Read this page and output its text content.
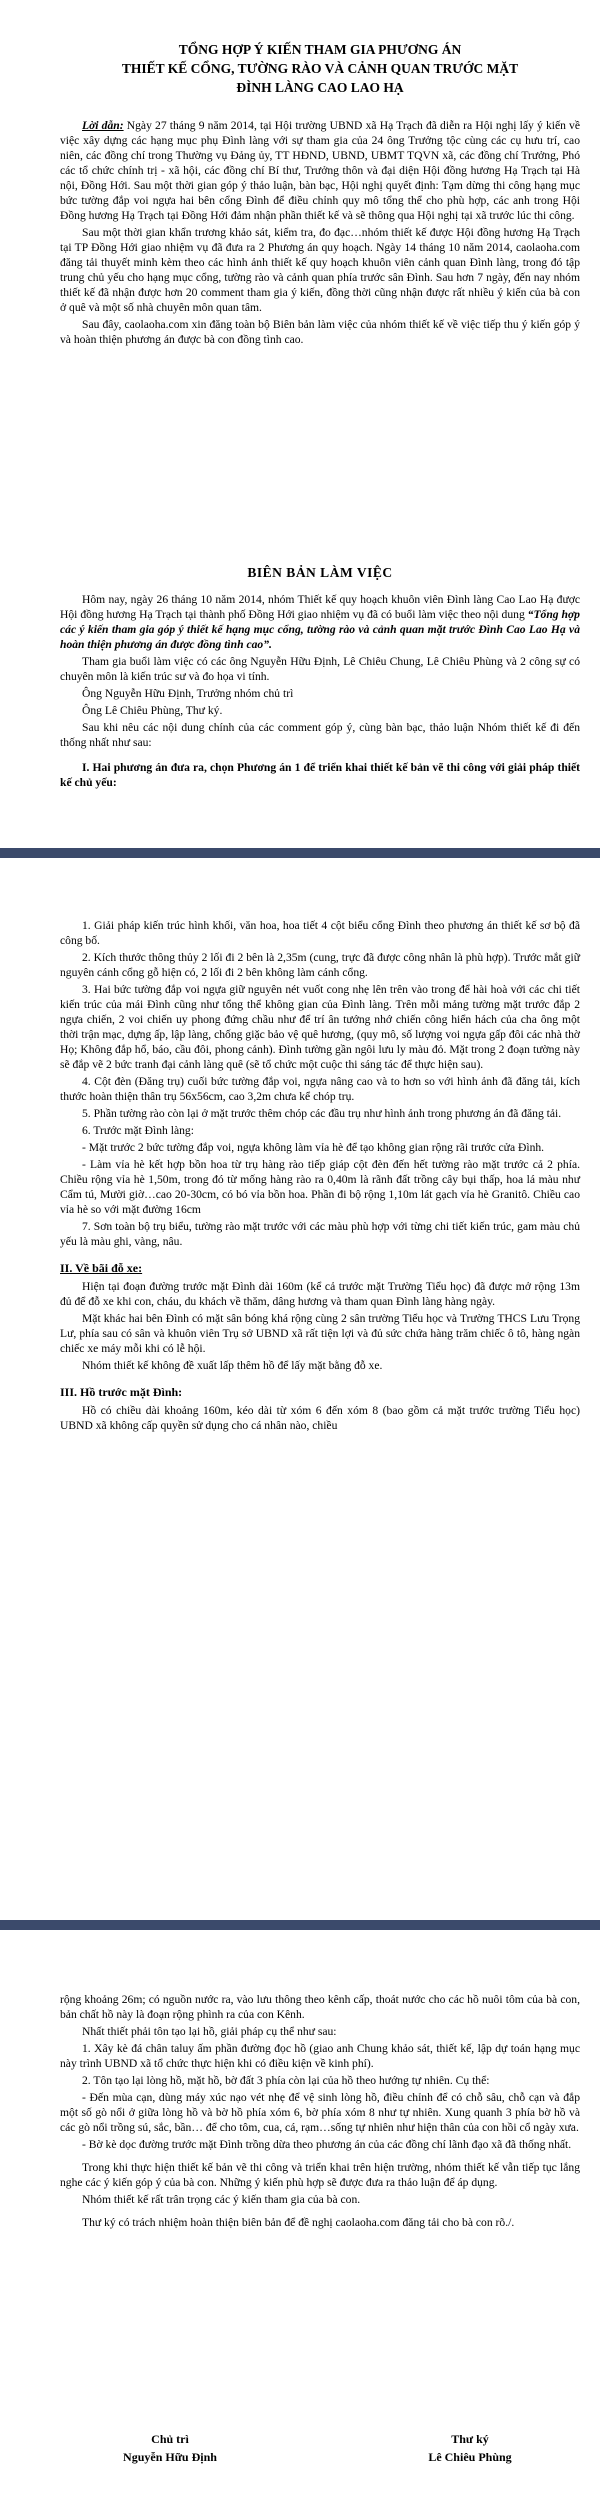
TỔNG HỢP Ý KIẾN THAM GIA PHƯƠNG ÁN
THIẾT KẾ CỔNG, TƯỜNG RÀO VÀ CẢNH QUAN TRƯỚC MẶT
ĐÌNH LÀNG CAO LAO HẠ

Lời dẫn: Ngày 27 tháng 9 năm 2014, tại Hội trường UBND xã Hạ Trạch đã diễn ra Hội nghị lấy ý kiến về việc xây dựng các hạng mục phụ Đình làng với sự tham gia của 24 ông Trưởng tộc cùng các cụ hưu trí, cao niên, các đồng chí trong Thường vụ Đảng ủy, TT HĐND, UBND, UBMT TQVN xã, các đồng chí Trưởng, Phó các tổ chức chính trị - xã hội, các đồng chí Bí thư, Trưởng thôn và đại diện Hội đồng hương Hạ Trạch tại Hà nội, Đồng Hới. Sau một thời gian góp ý thảo luận, bàn bạc, Hội nghị quyết định: Tạm dừng thi công hạng mục bức tường đắp voi ngựa hai bên cổng Đình để điều chỉnh quy mô tổng thể cho phù hợp, các anh trong Hội Đồng hương Hạ Trạch tại Đồng Hới đảm nhận phần thiết kế và sẽ thông qua Hội nghị tại xã trước lúc thi công.

Sau một thời gian khẩn trương khảo sát, kiểm tra, đo đạc…nhóm thiết kế được Hội đồng hương Hạ Trạch tại TP Đồng Hới giao nhiệm vụ đã đưa ra 2 Phương án quy hoạch. Ngày 14 tháng 10 năm 2014, caolaoha.com đăng tải thuyết minh kèm theo các hình ảnh thiết kế quy hoạch khuôn viên cảnh quan Đình làng, trong đó tập trung chủ yếu cho hạng mục cổng, tường rào và cảnh quan phía trước sân Đình. Sau hơn 7 ngày, đến nay nhóm thiết kế đã nhận được hơn 20 comment tham gia ý kiến, đồng thời cũng nhận được rất nhiều ý kiến của bà con ở quê và một số nhà chuyên môn quan tâm.

Sau đây, caolaoha.com xin đăng toàn bộ Biên bản làm việc của nhóm thiết kế về việc tiếp thu ý kiến góp ý và hoàn thiện phương án được bà con đồng tình cao.

BIÊN BẢN LÀM VIỆC

Hôm nay, ngày 26 tháng 10 năm 2014, nhóm Thiết kế quy hoạch khuôn viên Đình làng Cao Lao Hạ được Hội đồng hương Hạ Trạch tại thành phố Đồng Hới giao nhiệm vụ đã có buổi làm việc theo nội dung “Tổng hợp các ý kiến tham gia góp ý thiết kế hạng mục cổng, tường rào và cảnh quan mặt trước Đình Cao Lao Hạ và hoàn thiện phương án được đồng tình cao”.

Tham gia buổi làm việc có các ông Nguyễn Hữu Định, Lê Chiêu Chung, Lê Chiêu Phùng và 2 công sự có chuyên môn là kiến trúc sư và đo họa vi tính.

Ông Nguyễn Hữu Định, Trưởng nhóm chủ trì

Ông Lê Chiêu Phùng, Thư ký.

Sau khi nêu các nội dung chính của các comment góp ý, cùng bàn bạc, thảo luận Nhóm thiết kế đi đến thống nhất như sau:

I. Hai phương án đưa ra, chọn Phương án 1 để triển khai thiết kế bản vẽ thi công với giải pháp thiết kế chủ yếu:

1. Giải pháp kiến trúc hình khối, văn hoa, hoa tiết 4 cột biểu cổng Đình theo phương án thiết kế sơ bộ đã công bố.

2. Kích thước thông thủy 2 lối đi 2 bên là 2,35m (cung, trực đã được công nhân là phù hợp). Trước mắt giữ nguyên cánh cổng gỗ hiện có, 2 lối đi 2 bên không làm cánh cổng.

3. Hai bức tường đắp voi ngựa giữ nguyên nét vuốt cong nhẹ lên trên vào trong để hài hoà với các chi tiết kiến trúc của mái Đình cũng như tổng thể không gian của Đình làng. Trên mỗi mảng tường mặt trước đắp 2 ngựa chiến, 2 voi chiến uy phong đứng chầu như để trí ân tướng nhớ chiến công hiển hách của cha ông một thời trận mạc, dựng ấp, lập làng, chống giặc bảo vệ quê hương, (quy mô, số lượng voi ngựa gấp đôi các nhà thờ Họ; Không đắp hổ, báo, cầu đôi, phong cảnh). Đình tường gần ngôi lưu ly màu đỏ. Mặt trong 2 đoạn tường này sẽ đắp vẽ 2 bức tranh đại cảnh làng quê (sẽ tổ chức một cuộc thi sáng tác để thực hiện sau).

4. Cột đèn (Đăng trụ) cuối bức tường đắp voi, ngựa nâng cao và to hơn so với hình ảnh đã đăng tải, kích thước hoàn thiện thân trụ 56x56cm, cao 3,2m chưa kể chóp trụ.

5. Phần tường rào còn lại ở mặt trước thêm chóp các đầu trụ như hình ảnh trong phương án đã đăng tải.

6. Trước mặt Đình làng:

- Mặt trước 2 bức tường đắp voi, ngựa không làm vỉa hè để tạo không gian rộng rãi trước cửa Đình.

- Làm vỉa hè kết hợp bồn hoa từ trụ hàng rào tiếp giáp cột đèn đến hết tường rào mặt trước cả 2 phía. Chiều rộng vỉa hè 1,50m, trong đó từ mống hàng rào ra 0,40m là rãnh đất trồng cây bụi thấp, hoa lá màu như Cẩm tú, Mười giờ…cao 20-30cm, có bó vỉa bồn hoa. Phần đi bộ rộng 1,10m lát gạch vỉa hè Granitô. Chiều cao vỉa hè so với mặt đường 16cm

7. Sơn toàn bộ trụ biểu, tường rào mặt trước với các màu phù hợp với từng chi tiết kiến trúc, gam màu chủ yếu là màu ghi, vàng, nâu.

II. Về bãi đỗ xe:

Hiện tại đoạn đường trước mặt Đình dài 160m (kể cả trước mặt Trường Tiểu học) đã được mở rộng 13m đủ để đỗ xe khi con, cháu, du khách về thăm, dâng hương và tham quan Đình làng hàng ngày.

Mặt khác hai bên Đình có mặt sân bóng khá rộng cùng 2 sân trường Tiểu học và Trường THCS Lưu Trọng Lư, phía sau có sân và khuôn viên Trụ sở UBND xã rất tiện lợi và đủ sức chứa hàng trăm chiếc ô tô, hàng ngàn chiếc xe máy mỗi khi có lễ hội.

Nhóm thiết kế không đề xuất lấp thêm hồ để lấy mặt bằng đỗ xe.

III. Hồ trước mặt Đình:

Hồ có chiều dài khoảng 160m, kéo dài từ xóm 6 đến xóm 8 (bao gồm cả mặt trước trường Tiểu học) UBND xã không cấp quyền sử dụng cho cá nhân nào, chiều

rộng khoảng 26m; có nguồn nước ra, vào lưu thông theo kênh cấp, thoát nước cho các hồ nuôi tôm của bà con, bản chất hồ này là đoạn rộng phình ra của con Kênh.

Nhất thiết phải tôn tạo lại hồ, giải pháp cụ thể như sau:

1. Xây kè đá chân taluy ấm phần đường đọc hồ (giao anh Chung khảo sát, thiết kế, lập dự toán hạng mục này trình UBND xã tổ chức thực hiện khi có điều kiện về kinh phí).

2. Tôn tạo lại lòng hồ, mặt hồ, bờ đất 3 phía còn lại của hồ theo hướng tự nhiên. Cụ thể:

- Đến mùa cạn, dùng máy xúc nạo vét nhẹ để vệ sinh lòng hồ, điều chỉnh để có chỗ sâu, chỗ cạn và đắp một số gò nổi ở giữa lòng hồ và bờ hồ phía xóm 6, bờ phía xóm 8 như tự nhiên. Xung quanh 3 phía bờ hồ và các gò nổi trồng sú, sắc, bần… để cho tôm, cua, cá, rạm…sống tự nhiên như hiện thân của con hồi cổ ngày xưa.

- Bờ kè dọc đường trước mặt Đình trồng dừa theo phương án của các đồng chí lãnh đạo xã đã thống nhất.

Trong khi thực hiện thiết kế bản vẽ thi công và triển khai trên hiện trường, nhóm thiết kế vẫn tiếp tục lắng nghe các ý kiến góp ý của bà con. Những ý kiến phù hợp sẽ được đưa ra thảo luận để áp dụng.

Nhóm thiết kế rất trân trọng các ý kiến tham gia của bà con.

Thư ký có trách nhiệm hoàn thiện biên bản để đề nghị caolaoha.com đăng tải cho bà con rõ./.

Chủ trì
Nguyễn Hữu Định
Thư ký
Lê Chiêu Phùng
